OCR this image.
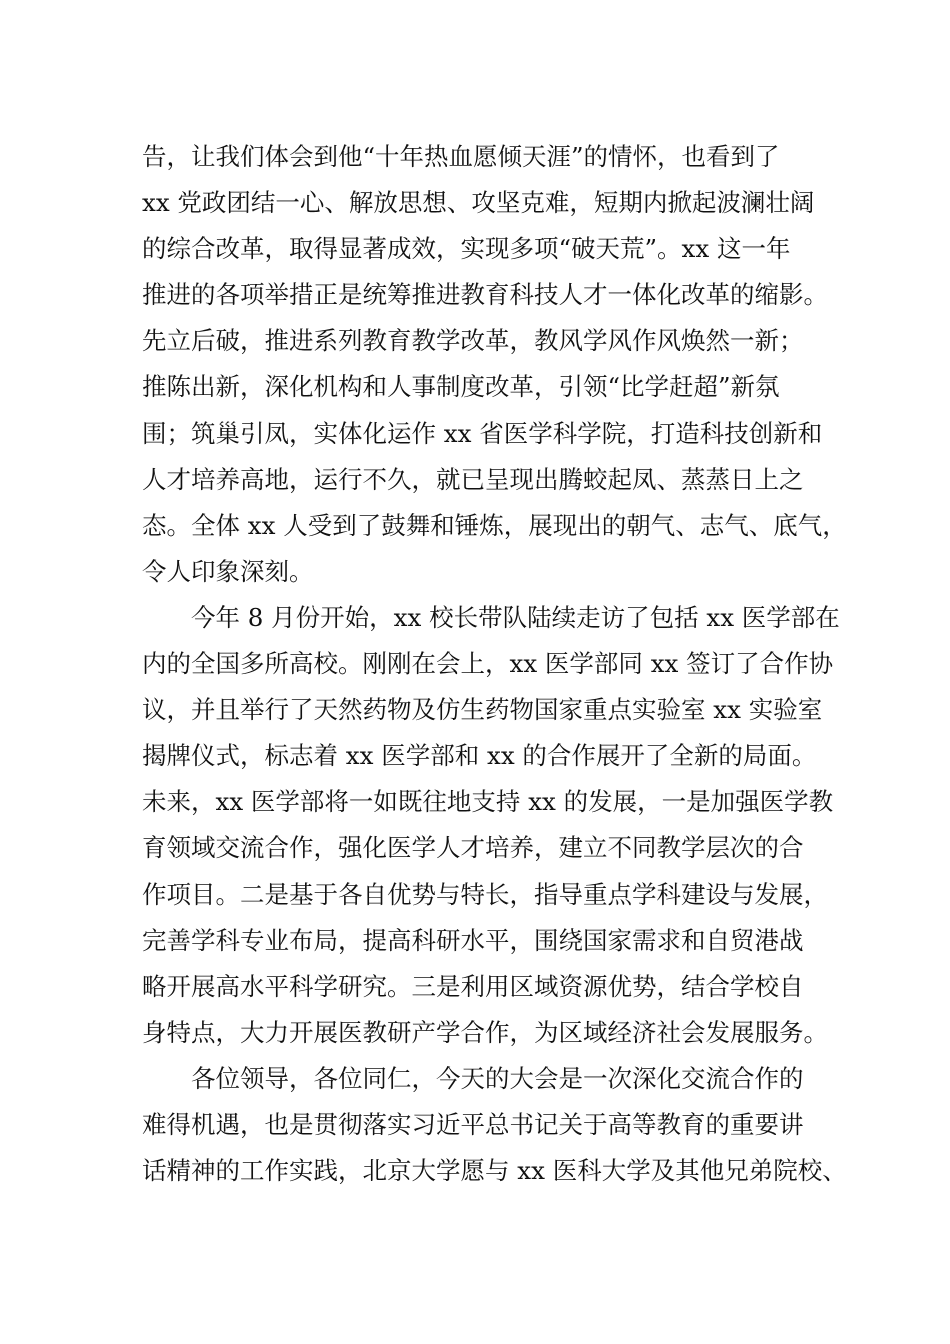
告，让我们体会到他“十年热血愿倾天涯”的情怀，也看到了
xx 党政团结一心、解放思想、攻坚克难，短期内掀起波澜壮阔
的综合改革，取得显著成效，实现多项“破天荒”。xx 这一年
推进的各项举措正是统筹推进教育科技人才一体化改革的缩影。
先立后破，推进系列教育教学改革，教风学风作风焕然一新；
推陈出新，深化机构和人事制度改革，引领“比学赶超”新氛
围；筑巢引凤，实体化运作 xx 省医学科学院，打造科技创新和
人才培养高地，运行不久，就已呈现出腾蛟起凤、蒸蒸日上之
态。全体 xx 人受到了鼓舞和锤炼，展现出的朝气、志气、底气，
令人印象深刻。
今年 8 月份开始，xx 校长带队陆续走访了包括 xx 医学部在
内的全国多所高校。刚刚在会上，xx 医学部同 xx 签订了合作协
议，并且举行了天然药物及仿生药物国家重点实验室 xx 实验室
揭牌仪式，标志着 xx 医学部和 xx 的合作展开了全新的局面。
未来，xx 医学部将一如既往地支持 xx 的发展，一是加强医学教
育领域交流合作，强化医学人才培养，建立不同教学层次的合
作项目。二是基于各自优势与特长，指导重点学科建设与发展，
完善学科专业布局，提高科研水平，围绕国家需求和自贸港战
略开展高水平科学研究。三是利用区域资源优势，结合学校自
身特点，大力开展医教研产学合作，为区域经济社会发展服务。
各位领导，各位同仁，今天的大会是一次深化交流合作的
难得机遇，也是贯彻落实习近平总书记关于高等教育的重要讲
话精神的工作实践，北京大学愿与 xx 医科大学及其他兄弟院校、
